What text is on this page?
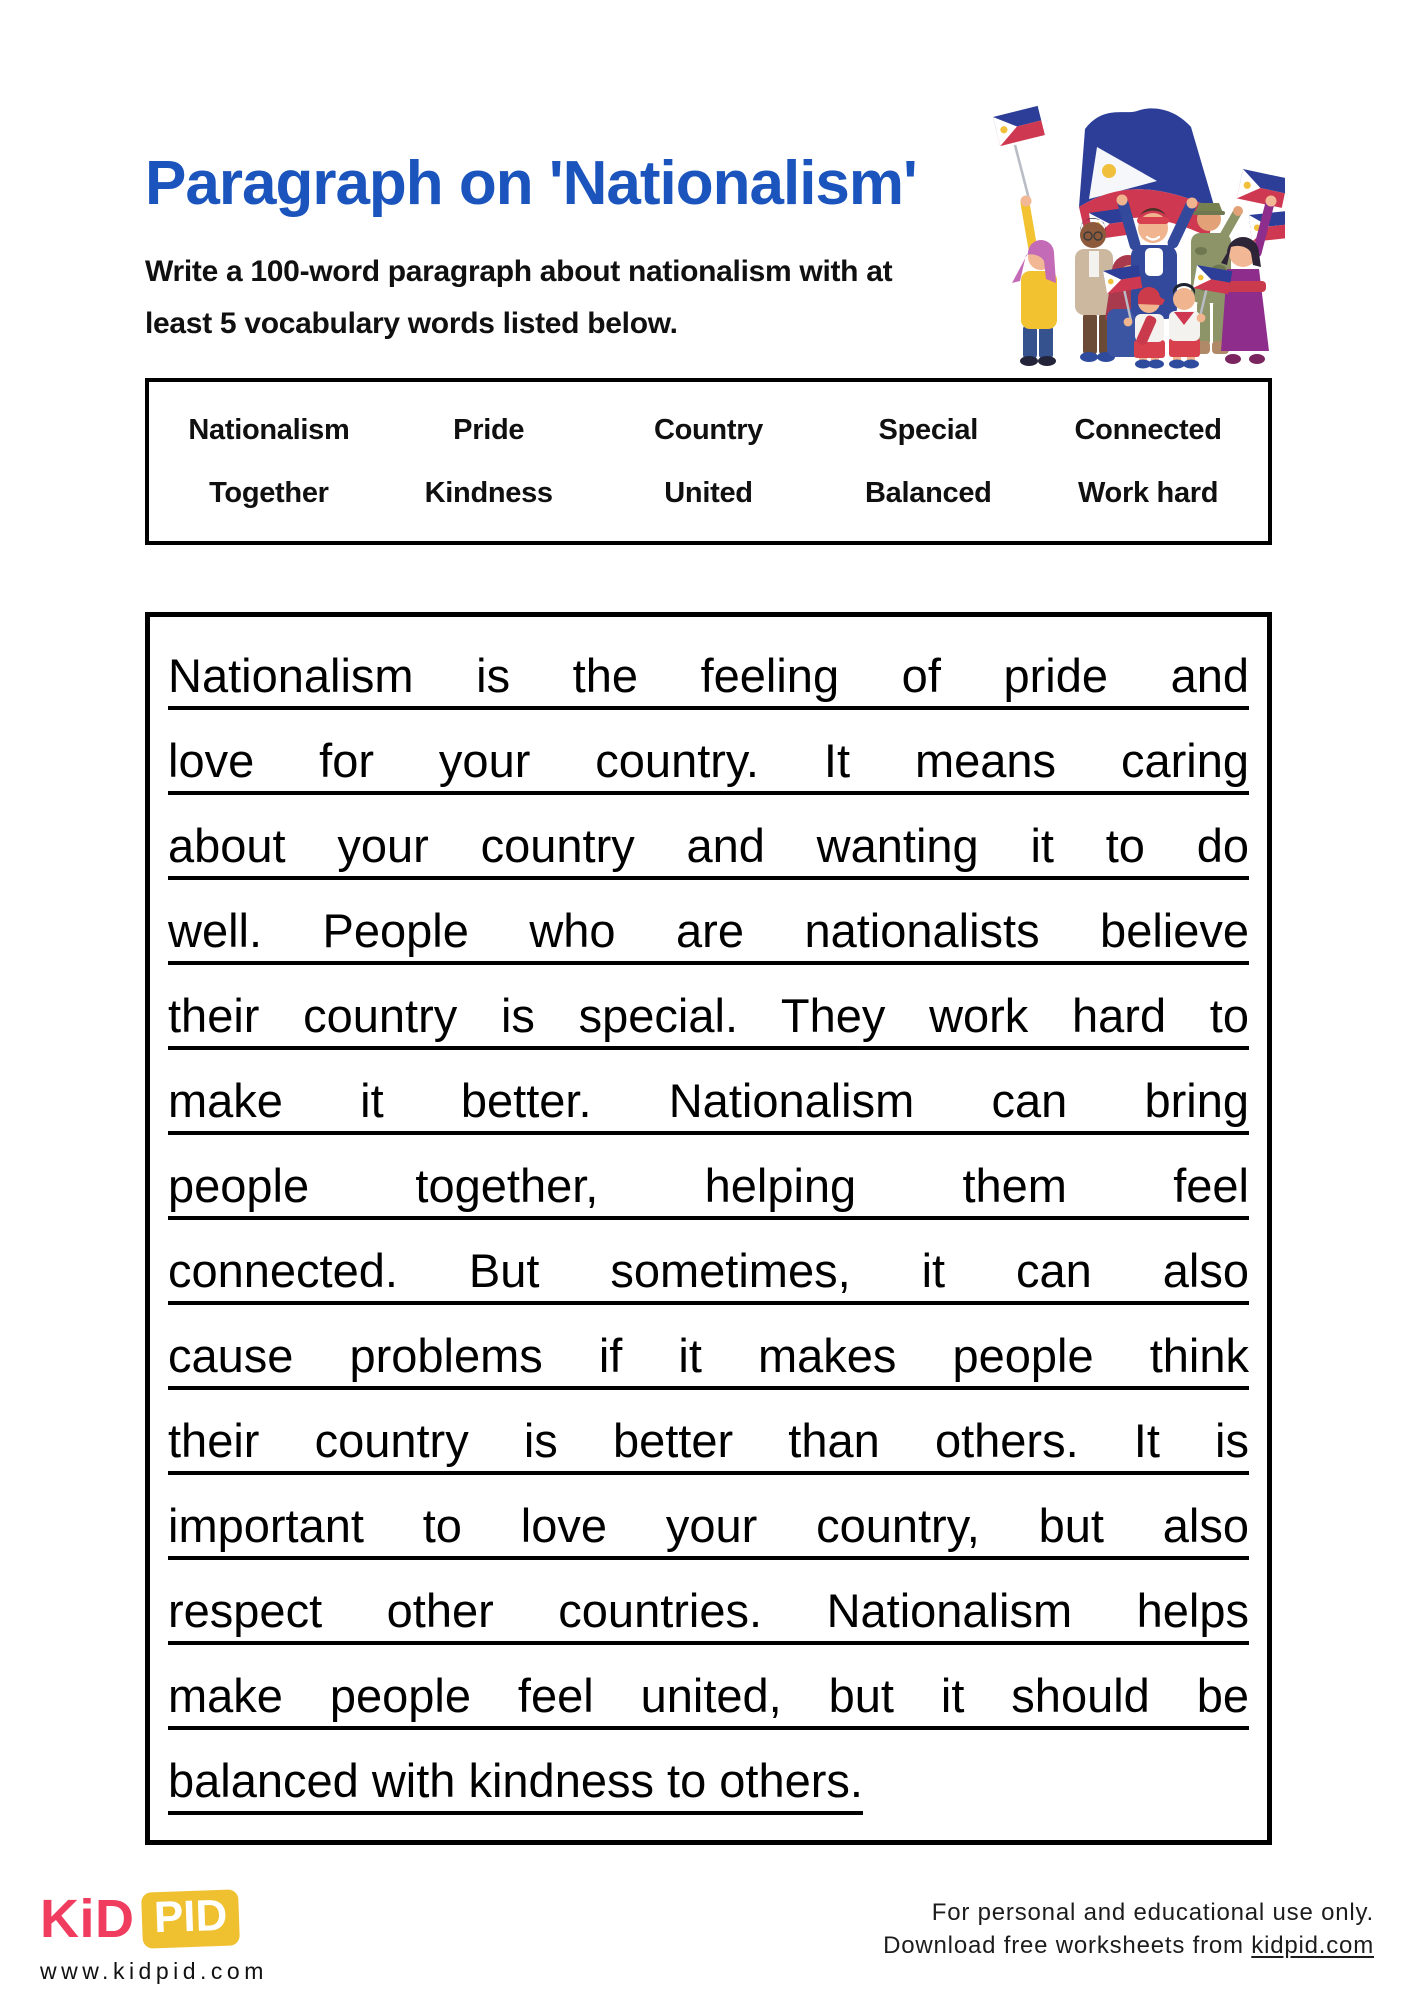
Paragraph on 'Nationalism'
Write a 100-word paragraph about nationalism with at
least 5 vocabulary words listed below.
Nationalism	Pride	Country	Special	Connected
Together	Kindness	United	Balanced	Work hard
Nationalism is the feeling of pride and
love for your country. It means caring
about your country and wanting it to do
well. People who are nationalists believe
their country is special. They work hard to
make it better. Nationalism can bring
people together, helping them feel
connected. But sometimes, it can also
cause problems if it makes people think
their country is better than others. It is
important to love your country, but also
respect other countries. Nationalism helps
make people feel united, but it should be
balanced with kindness to others.
KiD PID
www.kidpid.com
For personal and educational use only.
Download free worksheets from kidpid.com
